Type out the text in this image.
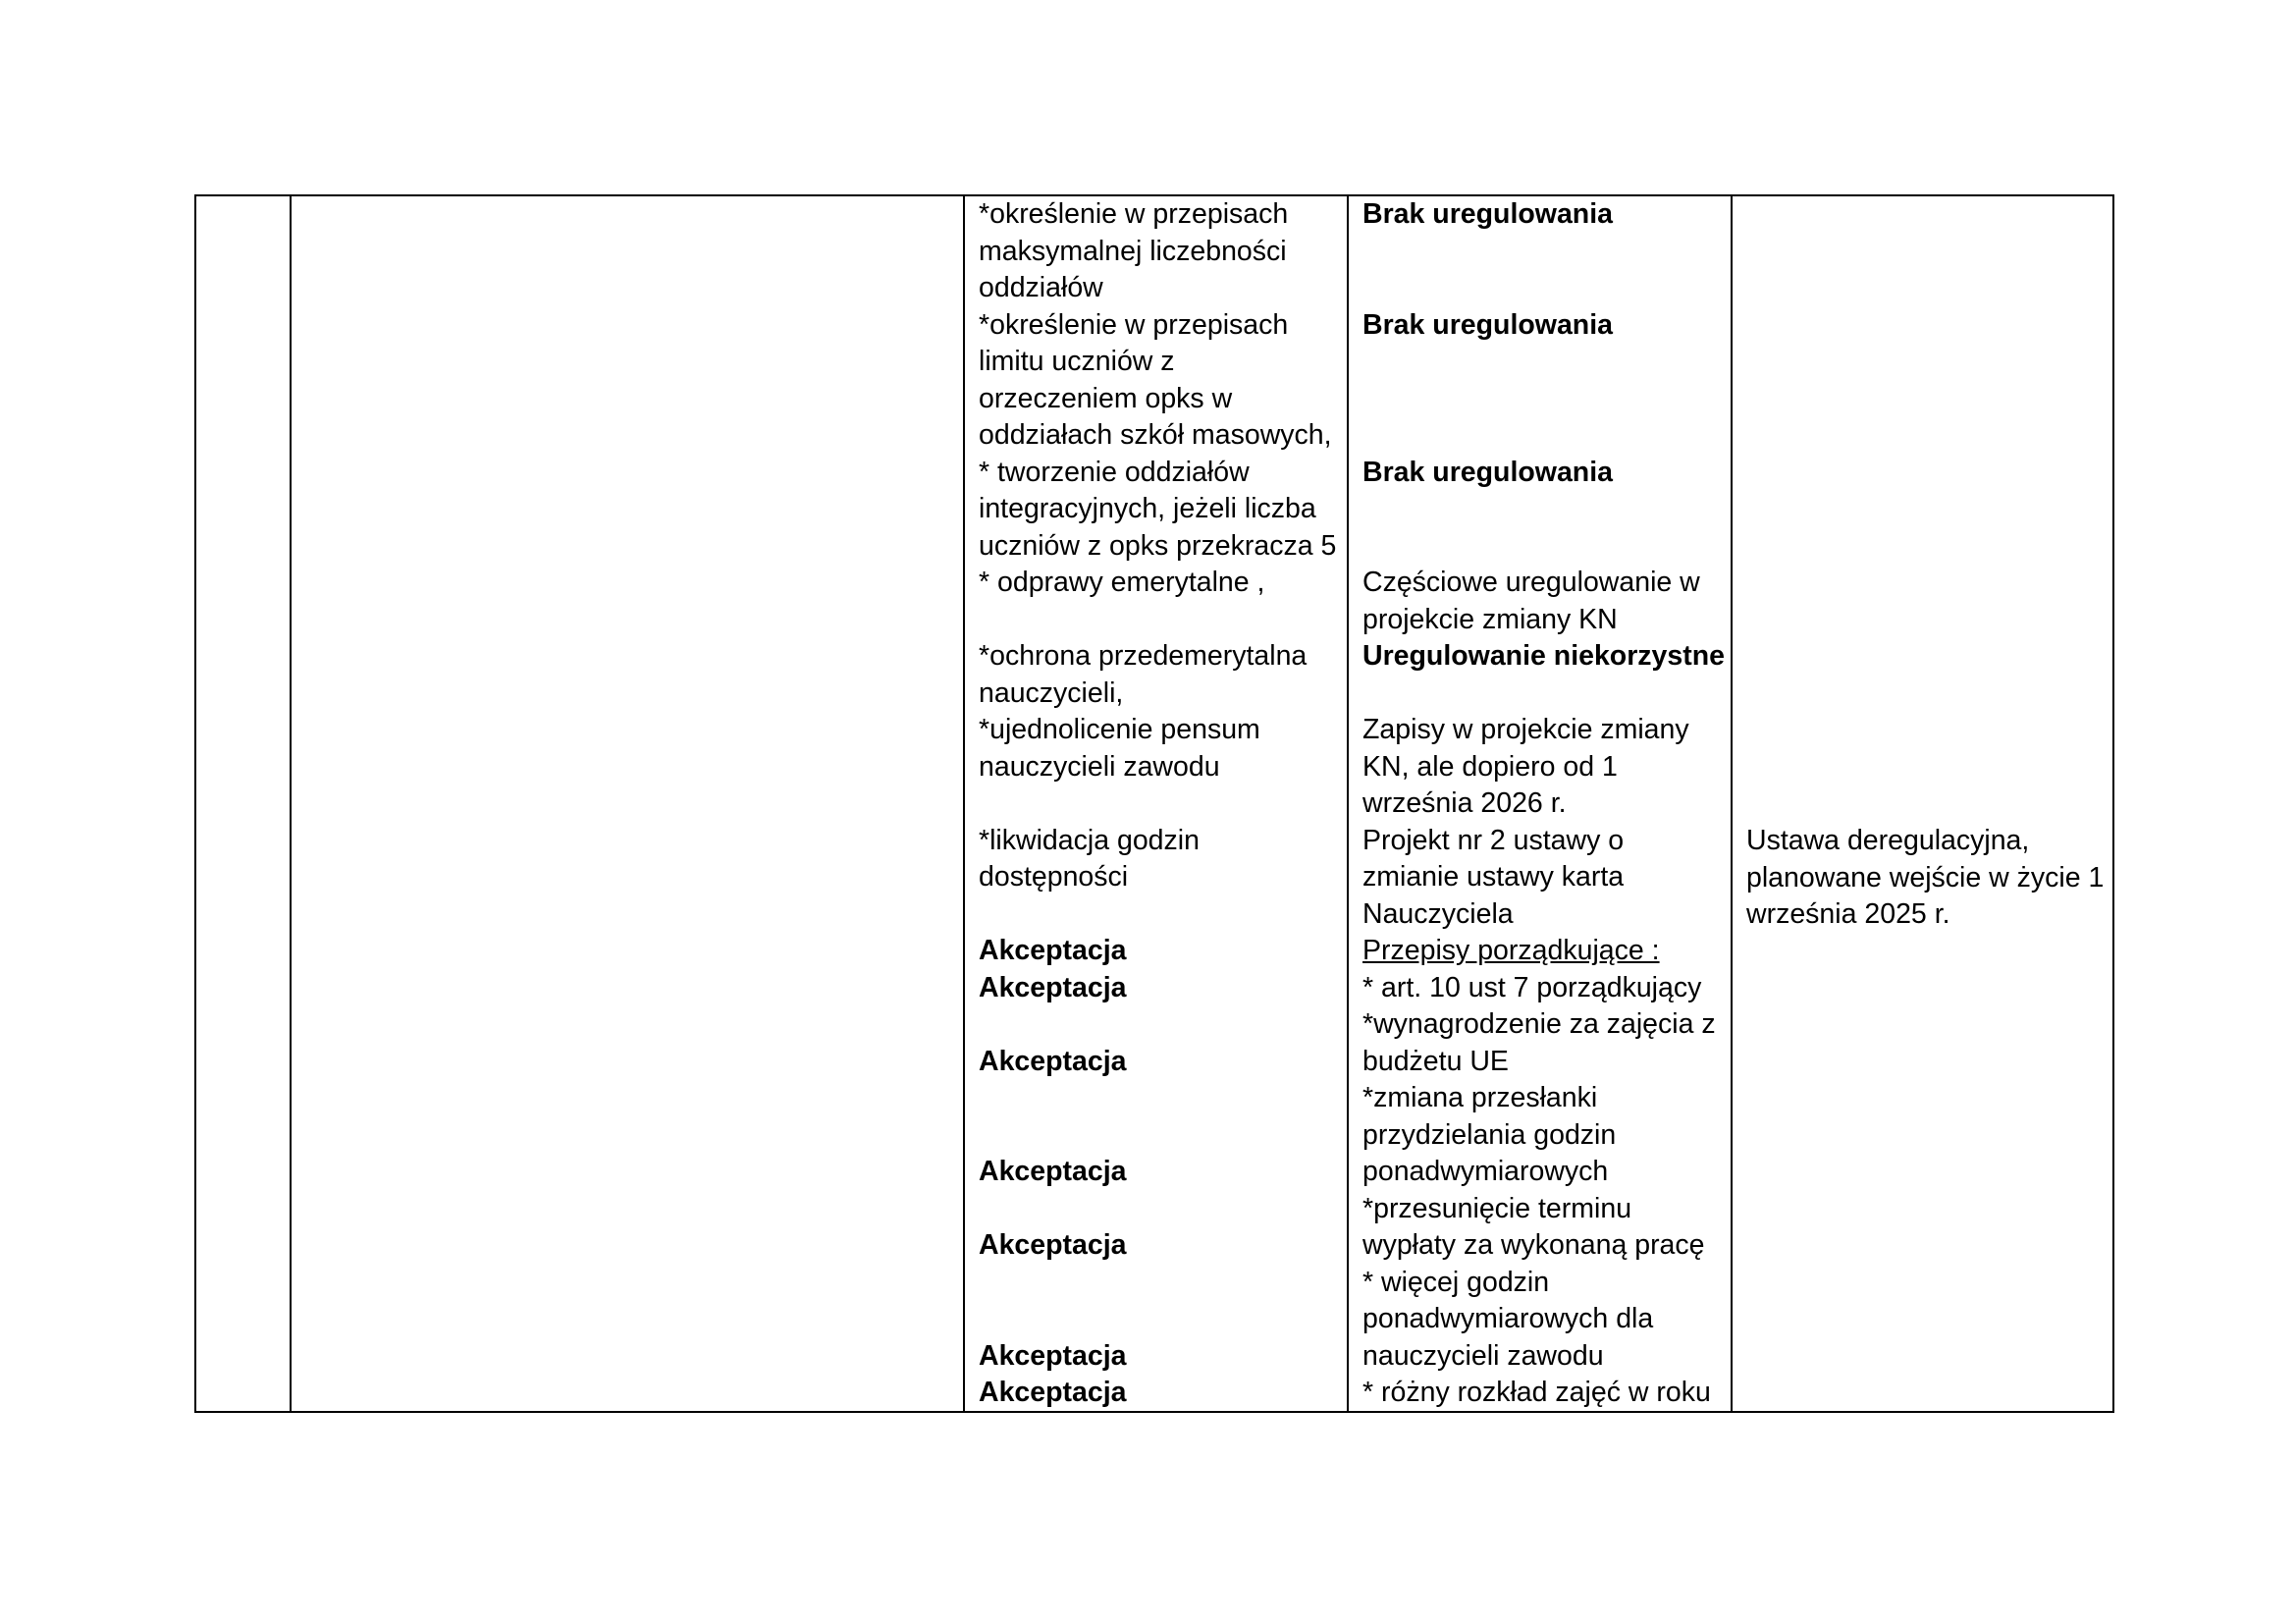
*określenie w przepisach
maksymalnej liczebności
oddziałów
*określenie w przepisach
limitu uczniów z
orzeczeniem opks w
oddziałach szkół masowych,
* tworzenie oddziałów
integracyjnych, jeżeli liczba
uczniów z opks przekracza 5
* odprawy emerytalne ,
*ochrona przedemerytalna
nauczycieli,
*ujednolicenie pensum
nauczycieli zawodu
*likwidacja godzin
dostępności
Akceptacja
Akceptacja
Akceptacja
Akceptacja
Akceptacja
Akceptacja
Akceptacja
Brak uregulowania
Brak uregulowania
Brak uregulowania
Częściowe uregulowanie w
projekcie zmiany KN
Uregulowanie niekorzystne
Zapisy w projekcie zmiany
KN, ale dopiero od 1
września 2026 r.
Projekt nr 2 ustawy o
zmianie ustawy karta
Nauczyciela
Przepisy porządkujące :
* art. 10 ust 7 porządkujący
*wynagrodzenie za zajęcia z
budżetu UE
*zmiana przesłanki
przydzielania godzin
ponadwymiarowych
*przesunięcie terminu
wypłaty za wykonaną pracę
* więcej godzin
ponadwymiarowych dla
nauczycieli zawodu
* różny rozkład zajęć w roku
Ustawa deregulacyjna,
planowane wejście w życie 1
września 2025 r.
